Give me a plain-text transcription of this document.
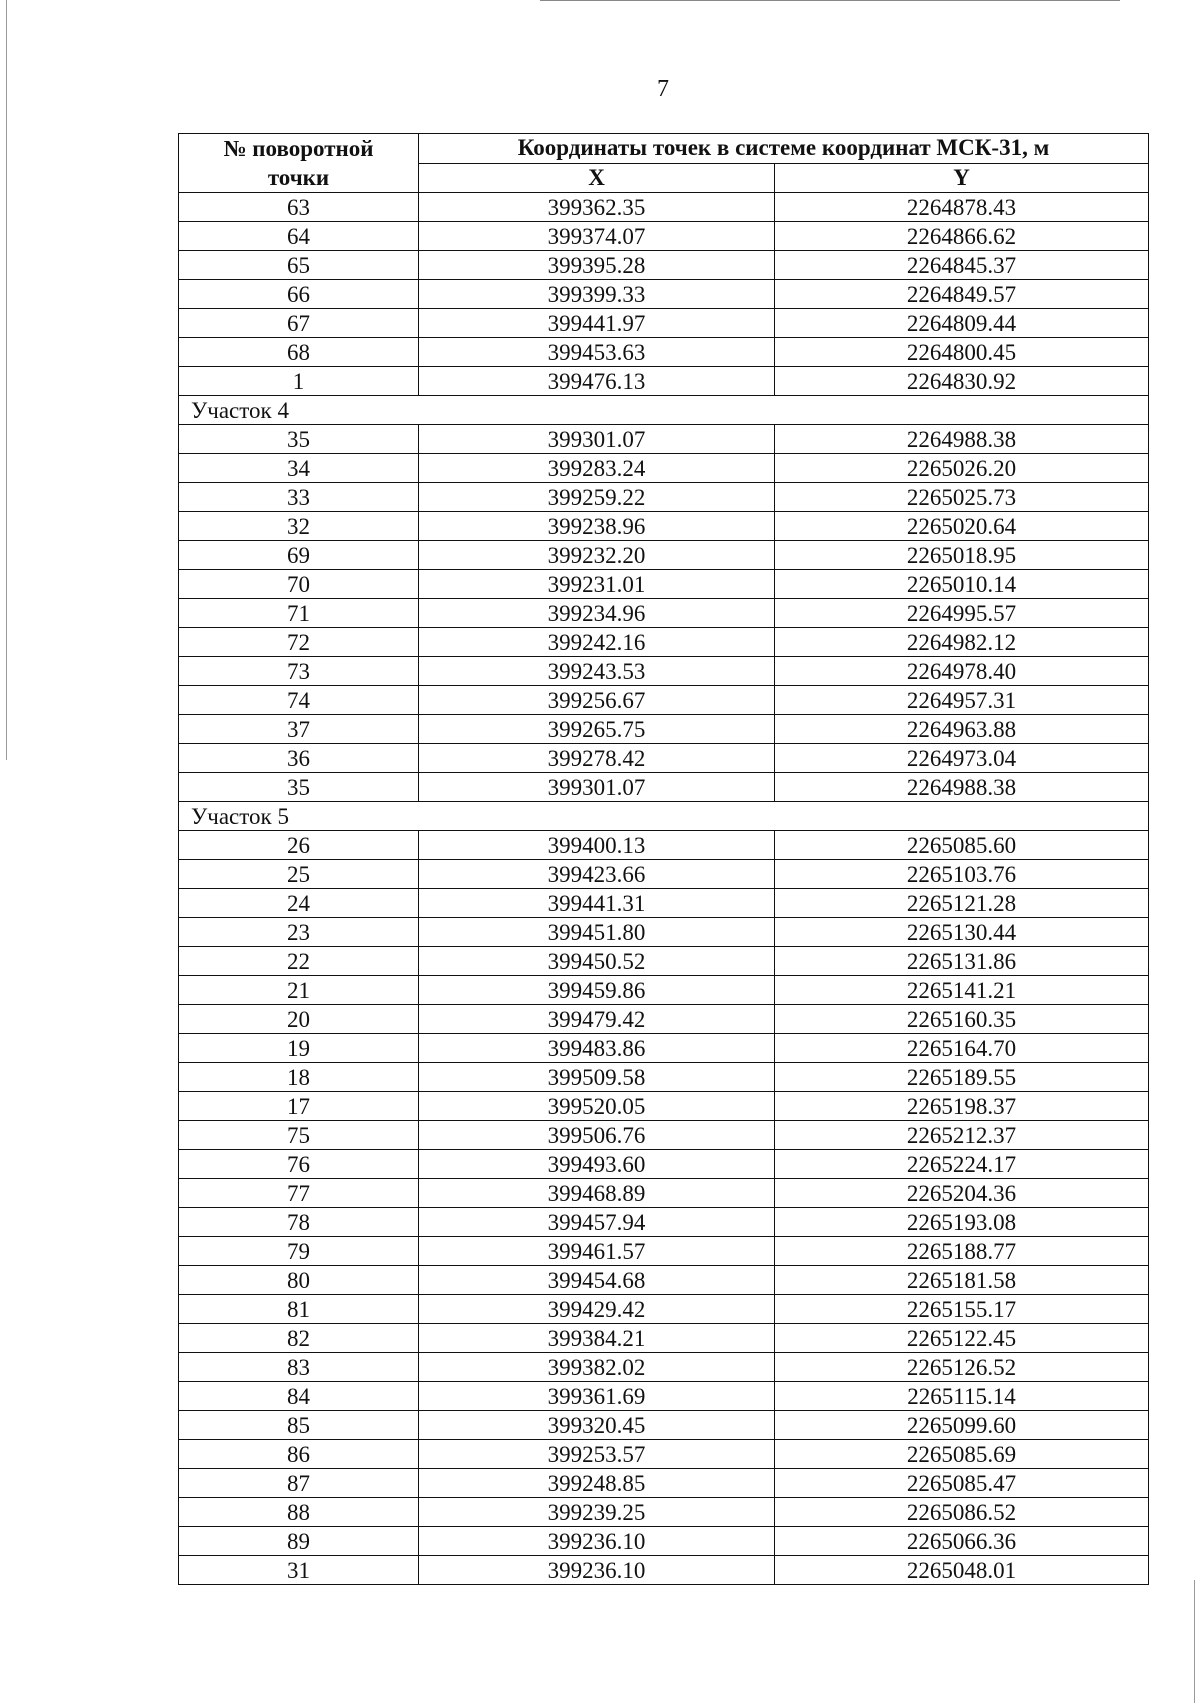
7
№ поворотной
точки	Координаты точек в системе координат МСК-31, м	
	X	Y
63	399362.35	2264878.43
64	399374.07	2264866.62
65	399395.28	2264845.37
66	399399.33	2264849.57
67	399441.97	2264809.44
68	399453.63	2264800.45
1	399476.13	2264830.92
Участок 4		
35	399301.07	2264988.38
34	399283.24	2265026.20
33	399259.22	2265025.73
32	399238.96	2265020.64
69	399232.20	2265018.95
70	399231.01	2265010.14
71	399234.96	2264995.57
72	399242.16	2264982.12
73	399243.53	2264978.40
74	399256.67	2264957.31
37	399265.75	2264963.88
36	399278.42	2264973.04
35	399301.07	2264988.38
Участок 5		
26	399400.13	2265085.60
25	399423.66	2265103.76
24	399441.31	2265121.28
23	399451.80	2265130.44
22	399450.52	2265131.86
21	399459.86	2265141.21
20	399479.42	2265160.35
19	399483.86	2265164.70
18	399509.58	2265189.55
17	399520.05	2265198.37
75	399506.76	2265212.37
76	399493.60	2265224.17
77	399468.89	2265204.36
78	399457.94	2265193.08
79	399461.57	2265188.77
80	399454.68	2265181.58
81	399429.42	2265155.17
82	399384.21	2265122.45
83	399382.02	2265126.52
84	399361.69	2265115.14
85	399320.45	2265099.60
86	399253.57	2265085.69
87	399248.85	2265085.47
88	399239.25	2265086.52
89	399236.10	2265066.36
31	399236.10	2265048.01
